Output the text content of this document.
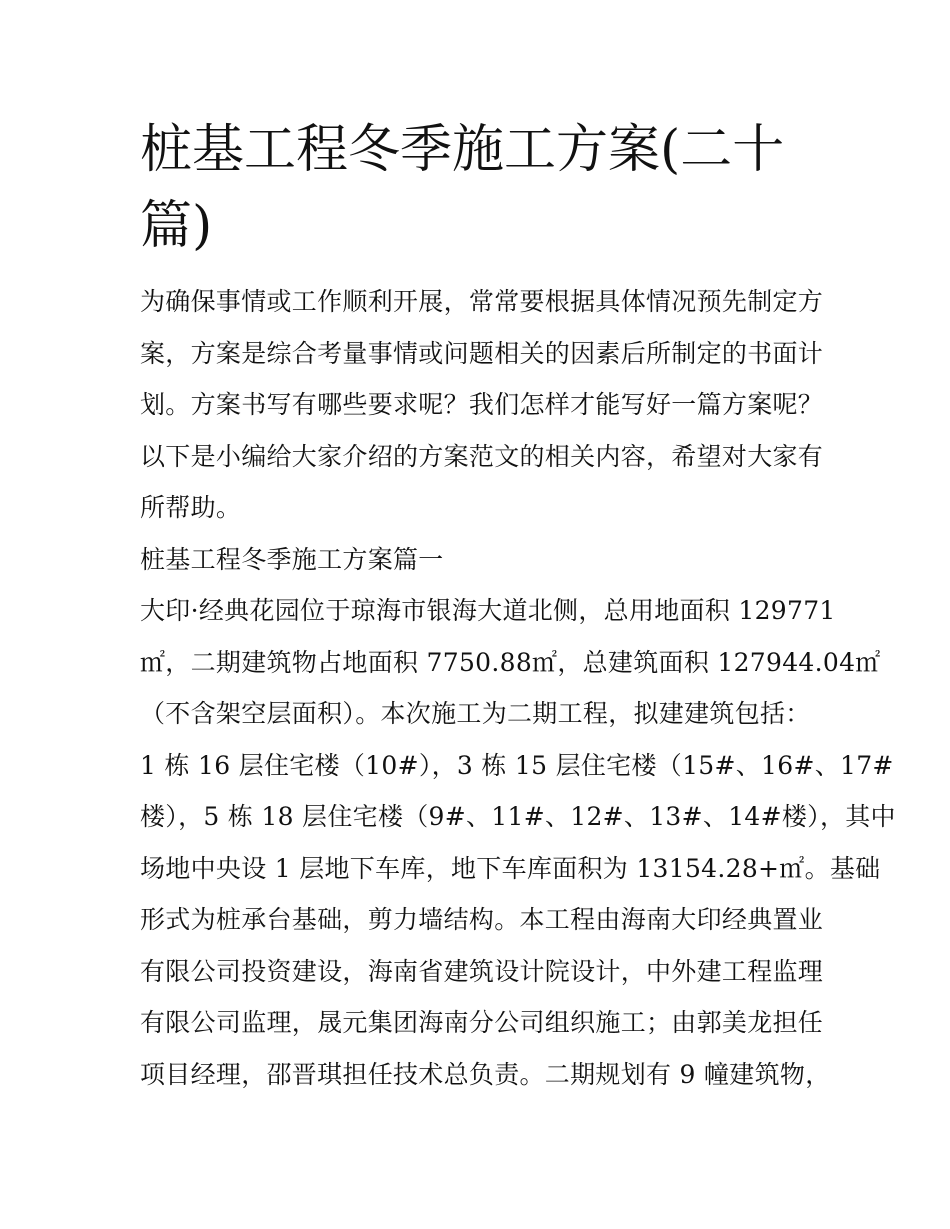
桩基工程冬季施工方案(二十
篇)
为确保事情或工作顺利开展，常常要根据具体情况预先制定方
案，方案是综合考量事情或问题相关的因素后所制定的书面计
划。方案书写有哪些要求呢？我们怎样才能写好一篇方案呢？
以下是小编给大家介绍的方案范文的相关内容，希望对大家有
所帮助。
桩基工程冬季施工方案篇一
大印·经典花园位于琼海市银海大道北侧，总用地面积 129771
㎡，二期建筑物占地面积 7750.88㎡，总建筑面积 127944.04㎡
（不含架空层面积）。本次施工为二期工程，拟建建筑包括：
1 栋 16 层住宅楼（10#），3 栋 15 层住宅楼（15#、16#、17#
楼），5 栋 18 层住宅楼（9#、11#、12#、13#、14#楼），其中
场地中央设 1 层地下车库，地下车库面积为 13154.28+㎡。基础
形式为桩承台基础，剪力墙结构。本工程由海南大印经典置业
有限公司投资建设，海南省建筑设计院设计，中外建工程监理
有限公司监理，晟元集团海南分公司组织施工；由郭美龙担任
项目经理，邵晋琪担任技术总负责。二期规划有 9 幢建筑物，
